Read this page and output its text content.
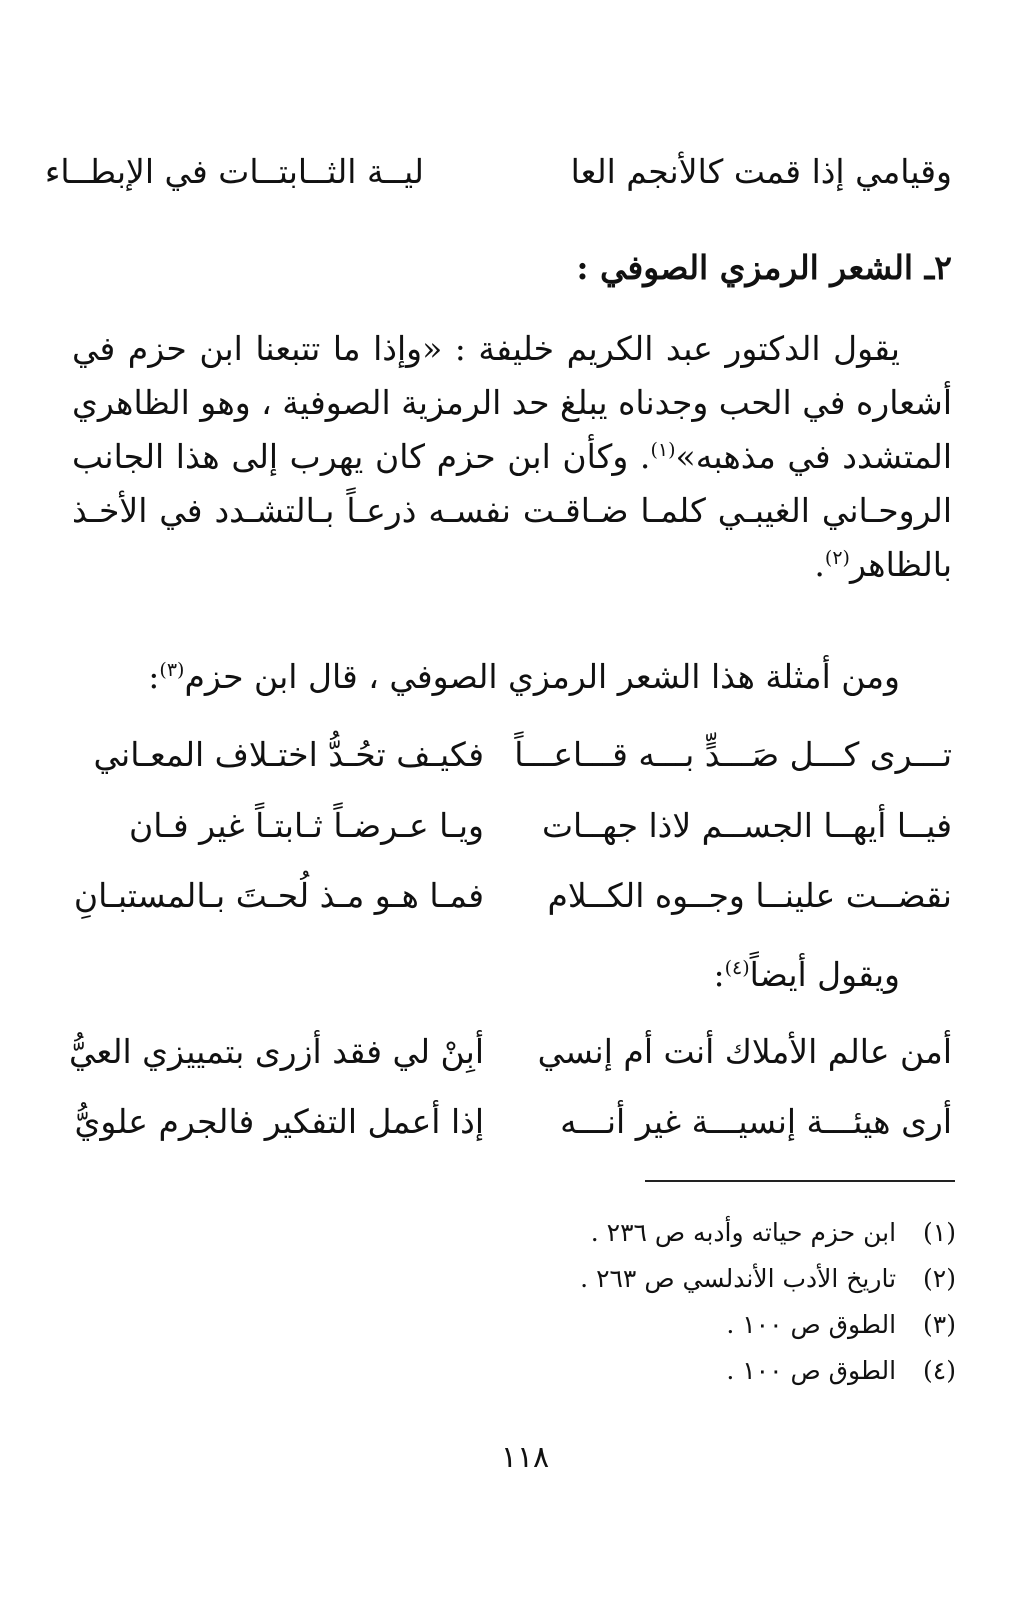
وقيامي إذا قمت كالأنجم العا
ليــة الثــابتــات في الإبطــاء
٢ـ الشعر الرمزي الصوفي :
يقول الدكتور عبد الكريم خليفة : «وإذا ما تتبعنا ابن حزم في أشعاره في الحب وجدناه يبلغ حد الرمزية الصوفية ، وهو الظاهري المتشدد في مذهبه»$^{(١)}$. وكأن ابن حزم كان يهرب إلى هذا الجانب الروحـاني الغيبـي كلمـا ضـاقـت نفسـه ذرعـاً بـالتشـدد في الأخـذ بالظاهر$^{(٢)}$.
ومن أمثلة هذا الشعر الرمزي الصوفي ، قال ابن حزم$^{(٣)}$:
تـــرى كـــل صَـــدٍّ بـــه قـــاعـــاً
فكيـف تحُـدُّ اختـلاف المعـاني
فيــا أيهــا الجســم لاذا جهــات
ويـا عـرضـاً ثـابتـاً غير فـان
نقضــت علينــا وجــوه الكــلام
فمـا هـو مـذ لُحـتَ بـالمستبـانِ
ويقول أيضاً$^{(٤)}$:
أمن عالم الأملاك أنت أم إنسي
أبِنْ لي فقد أزرى بتمييزي العيُّ
أرى هيئـــة إنسيـــة غير أنـــه
إذا أعمل التفكير فالجرم علويُّ
(١) ابن حزم حياته وأدبه ص ٢٣٦ .
(٢) تاريخ الأدب الأندلسي ص ٢٦٣ .
(٣) الطوق ص ١٠٠ .
(٤) الطوق ص ١٠٠ .
١١٨
